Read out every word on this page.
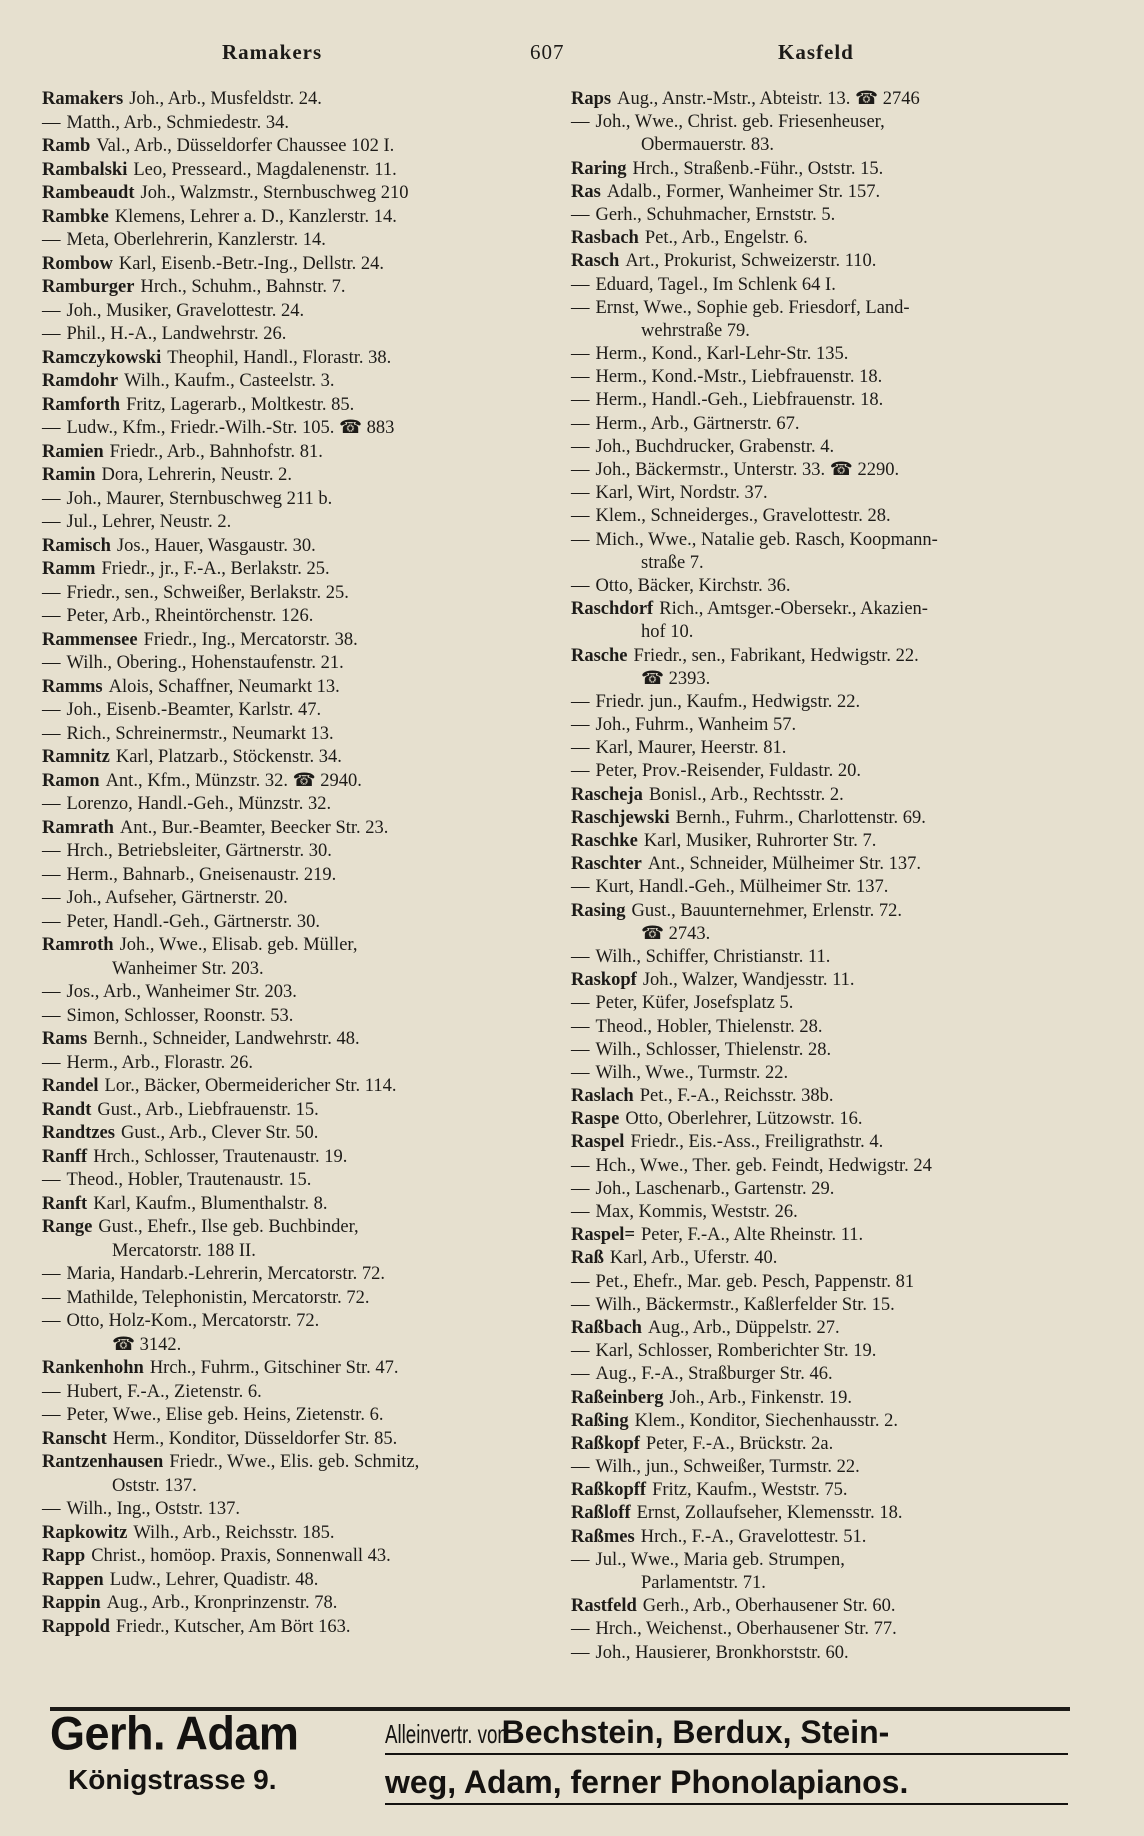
Ramakers	607	Kasfeld
Ramakers Joh., Arb., Musfeldstr. 24.
— Matth., Arb., Schmiedestr. 34.
Ramb Val., Arb., Düsseldorfer Chaussee 102 I.
Rambalski Leo, Presseard., Magdalenenstr. 11.
Rambeaudt Joh., Walzmstr., Sternbuschweg 210
Rambke Klemens, Lehrer a. D., Kanzlerstr. 14.
— Meta, Oberlehrerin, Kanzlerstr. 14.
Rombow Karl, Eisenb.-Betr.-Ing., Dellstr. 24.
Ramburger Hrch., Schuhm., Bahnstr. 7.
— Joh., Musiker, Gravelottestr. 24.
— Phil., H.-A., Landwehrstr. 26.
Ramczykowski Theophil, Handl., Florastr. 38.
Ramdohr Wilh., Kaufm., Casteelstr. 3.
Ramforth Fritz, Lagerarb., Moltkestr. 85.
— Ludw., Kfm., Friedr.-Wilh.-Str. 105. ☎ 883
Ramien Friedr., Arb., Bahnhofstr. 81.
Ramin Dora, Lehrerin, Neustr. 2.
— Joh., Maurer, Sternbuschweg 211 b.
— Jul., Lehrer, Neustr. 2.
Ramisch Jos., Hauer, Wasgaustr. 30.
Ramm Friedr., jr., F.-A., Berlakstr. 25.
— Friedr., sen., Schweißer, Berlakstr. 25.
— Peter, Arb., Rheintörchenstr. 126.
Rammensee Friedr., Ing., Mercatorstr. 38.
— Wilh., Obering., Hohenstaufenstr. 21.
Ramms Alois, Schaffner, Neumarkt 13.
— Joh., Eisenb.-Beamter, Karlstr. 47.
— Rich., Schreinermstr., Neumarkt 13.
Ramnitz Karl, Platzarb., Stöckenstr. 34.
Ramon Ant., Kfm., Münzstr. 32. ☎ 2940.
— Lorenzo, Handl.-Geh., Münzstr. 32.
Ramrath Ant., Bur.-Beamter, Beecker Str. 23.
— Hrch., Betriebsleiter, Gärtnerstr. 30.
— Herm., Bahnarb., Gneisenaustr. 219.
— Joh., Aufseher, Gärtnerstr. 20.
— Peter, Handl.-Geh., Gärtnerstr. 30.
Ramroth Joh., Wwe., Elisab. geb. Müller,
Wanheimer Str. 203.
— Jos., Arb., Wanheimer Str. 203.
— Simon, Schlosser, Roonstr. 53.
Rams Bernh., Schneider, Landwehrstr. 48.
— Herm., Arb., Florastr. 26.
Randel Lor., Bäcker, Obermeidericher Str. 114.
Randt Gust., Arb., Liebfrauenstr. 15.
Randtzes Gust., Arb., Clever Str. 50.
Ranff Hrch., Schlosser, Trautenaustr. 19.
— Theod., Hobler, Trautenaustr. 15.
Ranft Karl, Kaufm., Blumenthalstr. 8.
Range Gust., Ehefr., Ilse geb. Buchbinder,
Mercatorstr. 188 II.
— Maria, Handarb.-Lehrerin, Mercatorstr. 72.
— Mathilde, Telephonistin, Mercatorstr. 72.
— Otto, Holz-Kom., Mercatorstr. 72.
☎ 3142.
Rankenhohn Hrch., Fuhrm., Gitschiner Str. 47.
— Hubert, F.-A., Zietenstr. 6.
— Peter, Wwe., Elise geb. Heins, Zietenstr. 6.
Ranscht Herm., Konditor, Düsseldorfer Str. 85.
Rantzenhausen Friedr., Wwe., Elis. geb. Schmitz,
Oststr. 137.
— Wilh., Ing., Oststr. 137.
Rapkowitz Wilh., Arb., Reichsstr. 185.
Rapp Christ., homöop. Praxis, Sonnenwall 43.
Rappen Ludw., Lehrer, Quadistr. 48.
Rappin Aug., Arb., Kronprinzenstr. 78.
Rappold Friedr., Kutscher, Am Bört 163.
Raps Aug., Anstr.-Mstr., Abteistr. 13. ☎ 2746
— Joh., Wwe., Christ. geb. Friesenheuser,
Obermauerstr. 83.
Raring Hrch., Straßenb.-Führ., Oststr. 15.
Ras Adalb., Former, Wanheimer Str. 157.
— Gerh., Schuhmacher, Ernststr. 5.
Rasbach Pet., Arb., Engelstr. 6.
Rasch Art., Prokurist, Schweizerstr. 110.
— Eduard, Tagel., Im Schlenk 64 I.
— Ernst, Wwe., Sophie geb. Friesdorf, Land-
wehrstraße 79.
— Herm., Kond., Karl-Lehr-Str. 135.
— Herm., Kond.-Mstr., Liebfrauenstr. 18.
— Herm., Handl.-Geh., Liebfrauenstr. 18.
— Herm., Arb., Gärtnerstr. 67.
— Joh., Buchdrucker, Grabenstr. 4.
— Joh., Bäckermstr., Unterstr. 33. ☎ 2290.
— Karl, Wirt, Nordstr. 37.
— Klem., Schneiderges., Gravelottestr. 28.
— Mich., Wwe., Natalie geb. Rasch, Koopmann-
straße 7.
— Otto, Bäcker, Kirchstr. 36.
Raschdorf Rich., Amtsger.-Obersekr., Akazien-
hof 10.
Rasche Friedr., sen., Fabrikant, Hedwigstr. 22.
☎ 2393.
— Friedr. jun., Kaufm., Hedwigstr. 22.
— Joh., Fuhrm., Wanheim 57.
— Karl, Maurer, Heerstr. 81.
— Peter, Prov.-Reisender, Fuldastr. 20.
Rascheja Bonisl., Arb., Rechtsstr. 2.
Raschjewski Bernh., Fuhrm., Charlottenstr. 69.
Raschke Karl, Musiker, Ruhrorter Str. 7.
Raschter Ant., Schneider, Mülheimer Str. 137.
— Kurt, Handl.-Geh., Mülheimer Str. 137.
Rasing Gust., Bauunternehmer, Erlenstr. 72.
☎ 2743.
— Wilh., Schiffer, Christianstr. 11.
Raskopf Joh., Walzer, Wandjesstr. 11.
— Peter, Küfer, Josefsplatz 5.
— Theod., Hobler, Thielenstr. 28.
— Wilh., Schlosser, Thielenstr. 28.
— Wilh., Wwe., Turmstr. 22.
Raslach Pet., F.-A., Reichsstr. 38b.
Raspe Otto, Oberlehrer, Lützowstr. 16.
Raspel Friedr., Eis.-Ass., Freiligrathstr. 4.
— Hch., Wwe., Ther. geb. Feindt, Hedwigstr. 24
— Joh., Laschenarb., Gartenstr. 29.
— Max, Kommis, Weststr. 26.
Raspel= Peter, F.-A., Alte Rheinstr. 11.
Raß Karl, Arb., Uferstr. 40.
— Pet., Ehefr., Mar. geb. Pesch, Pappenstr. 81
— Wilh., Bäckermstr., Kaßlerfelder Str. 15.
Raßbach Aug., Arb., Düppelstr. 27.
— Karl, Schlosser, Romberichter Str. 19.
— Aug., F.-A., Straßburger Str. 46.
Raßeinberg Joh., Arb., Finkenstr. 19.
Raßing Klem., Konditor, Siechenhausstr. 2.
Raßkopf Peter, F.-A., Brückstr. 2a.
— Wilh., jun., Schweißer, Turmstr. 22.
Raßkopff Fritz, Kaufm., Weststr. 75.
Raßloff Ernst, Zollaufseher, Klemensstr. 18.
Raßmes Hrch., F.-A., Gravelottestr. 51.
— Jul., Wwe., Maria geb. Strumpen,
Parlamentstr. 71.
Rastfeld Gerh., Arb., Oberhausener Str. 60.
— Hrch., Weichenst., Oberhausener Str. 77.
— Joh., Hausierer, Bronkhorststr. 60.
Gerh. Adam
Königstrasse 9.
Alleinvertr. von: Bechstein, Berdux, Stein-
weg, Adam, ferner Phonolapianos.
